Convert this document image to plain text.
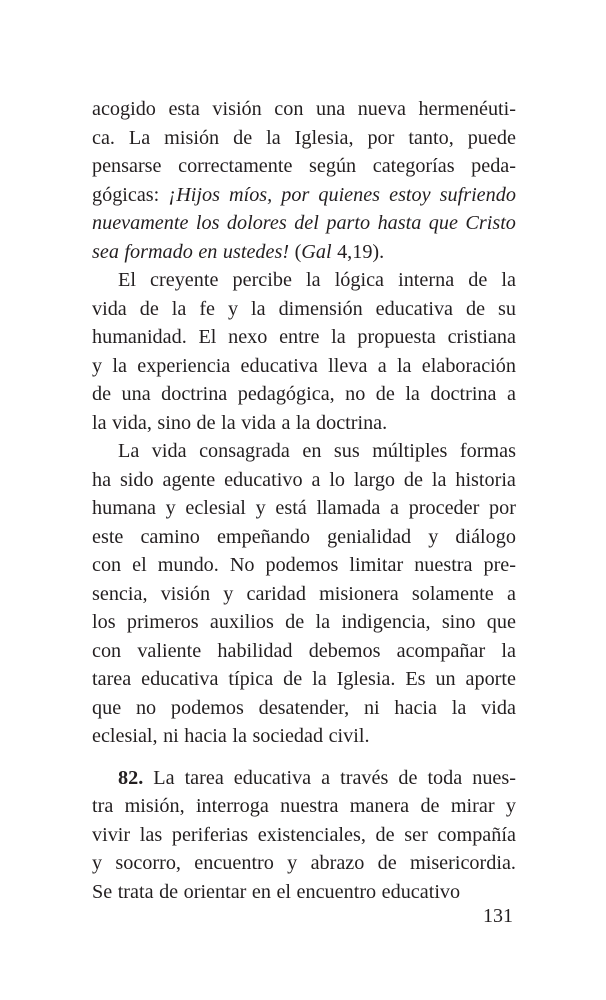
acogido esta visión con una nueva hermenéuti-
ca. La misión de la Iglesia, por tanto, puede
pensarse correctamente según categorías peda-
gógicas: ¡Hijos míos, por quienes estoy sufriendo
nuevamente los dolores del parto hasta que Cristo
sea formado en ustedes! (Gal 4,19).
El creyente percibe la lógica interna de la
vida de la fe y la dimensión educativa de su
humanidad. El nexo entre la propuesta cristiana
y la experiencia educativa lleva a la elaboración
de una doctrina pedagógica, no de la doctrina a
la vida, sino de la vida a la doctrina.
La vida consagrada en sus múltiples formas
ha sido agente educativo a lo largo de la historia
humana y eclesial y está llamada a proceder por
este camino empeñando genialidad y diálogo
con el mundo. No podemos limitar nuestra pre-
sencia, visión y caridad misionera solamente a
los primeros auxilios de la indigencia, sino que
con valiente habilidad debemos acompañar la
tarea educativa típica de la Iglesia. Es un aporte
que no podemos desatender, ni hacia la vida
eclesial, ni hacia la sociedad civil.
82. La tarea educativa a través de toda nues-
tra misión, interroga nuestra manera de mirar y
vivir las periferias existenciales, de ser compañía
y socorro, encuentro y abrazo de misericordia.
Se trata de orientar en el encuentro educativo
131
